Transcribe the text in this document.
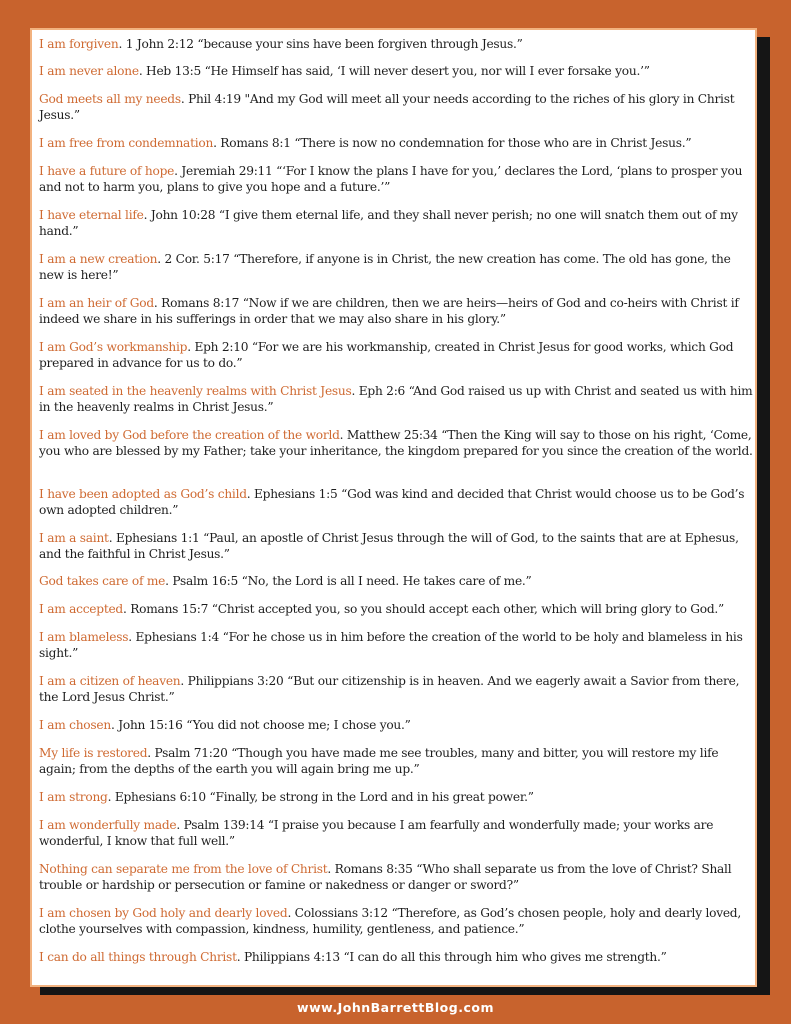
I am forgiven. 1 John 2:12 “because your sins have been forgiven through Jesus.”
I am never alone. Heb 13:5 “He Himself has said, ‘I will never desert you, nor will I ever forsake you.’”
God meets all my needs. Phil 4:19 "And my God will meet all your needs according to the riches of his glory in Christ Jesus.”
I am free from condemnation. Romans 8:1 “There is now no condemnation for those who are in Christ Jesus.”
I have a future of hope. Jeremiah 29:11 “‘For I know the plans I have for you,’ declares the Lord, ‘plans to prosper you and not to harm you, plans to give you hope and a future.’”
I have eternal life. John 10:28 “I give them eternal life, and they shall never perish; no one will snatch them out of my hand.”
I am a new creation. 2 Cor. 5:17 “Therefore, if anyone is in Christ, the new creation has come. The old has gone, the new is here!”
I am an heir of God. Romans 8:17 “Now if we are children, then we are heirs—heirs of God and co-heirs with Christ if indeed we share in his sufferings in order that we may also share in his glory.”
I am God’s workmanship. Eph 2:10 “For we are his workmanship, created in Christ Jesus for good works, which God prepared in advance for us to do.”
I am seated in the heavenly realms with Christ Jesus. Eph 2:6 “And God raised us up with Christ and seated us with him in the heavenly realms in Christ Jesus.”
I am loved by God before the creation of the world. Matthew 25:34 “Then the King will say to those on his right, ‘Come, you who are blessed by my Father; take your inheritance, the kingdom prepared for you since the creation of the world.
I have been adopted as God’s child. Ephesians 1:5 “God was kind and decided that Christ would choose us to be God’s own adopted children.”
I am a saint. Ephesians 1:1 “Paul, an apostle of Christ Jesus through the will of God, to the saints that are at Ephesus, and the faithful in Christ Jesus.”
God takes care of me. Psalm 16:5 “No, the Lord is all I need. He takes care of me.”
I am accepted. Romans 15:7 “Christ accepted you, so you should accept each other, which will bring glory to God.”
I am blameless. Ephesians 1:4 “For he chose us in him before the creation of the world to be holy and blameless in his sight.”
I am a citizen of heaven. Philippians 3:20 “But our citizenship is in heaven. And we eagerly await a Savior from there, the Lord Jesus Christ.”
I am chosen. John 15:16 “You did not choose me; I chose you.”
My life is restored. Psalm 71:20 “Though you have made me see troubles, many and bitter, you will restore my life again; from the depths of the earth you will again bring me up.”
I am strong. Ephesians 6:10 “Finally, be strong in the Lord and in his great power.”
I am wonderfully made. Psalm 139:14 “I praise you because I am fearfully and wonderfully made; your works are wonderful, I know that full well.”
Nothing can separate me from the love of Christ. Romans 8:35 “Who shall separate us from the love of Christ? Shall trouble or hardship or persecution or famine or nakedness or danger or sword?”
I am chosen by God holy and dearly loved. Colossians 3:12 “Therefore, as God’s chosen people, holy and dearly loved, clothe yourselves with compassion, kindness, humility, gentleness, and patience.”
I can do all things through Christ. Philippians 4:13 “I can do all this through him who gives me strength.”
www.JohnBarrettBlog.com
